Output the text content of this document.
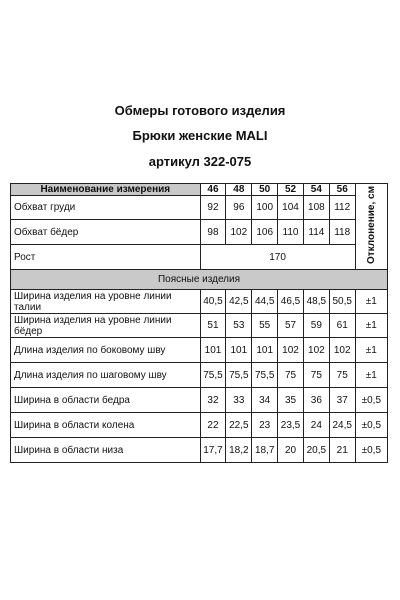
Обмеры готового изделия
Брюки женские MALI
артикул 322-075
Наименование измерения	46	48	50	52	54	56	Отклонение, см
Обхват груди	92	96	100	104	108	112	
Обхват бёдер	98	102	106	110	114	118	
Рост	170						
Поясные изделия							
Ширина изделия на уровне линии талии	40,5	42,5	44,5	46,5	48,5	50,5	±1
Ширина изделия на уровне линии бёдер	51	53	55	57	59	61	±1
Длина изделия по боковому шву	101	101	101	102	102	102	±1
Длина изделия по шаговому шву	75,5	75,5	75,5	75	75	75	±1
Ширина в области бедра	32	33	34	35	36	37	±0,5
Ширина в области колена	22	22,5	23	23,5	24	24,5	±0,5
Ширина в области низа	17,7	18,2	18,7	20	20,5	21	±0,5
